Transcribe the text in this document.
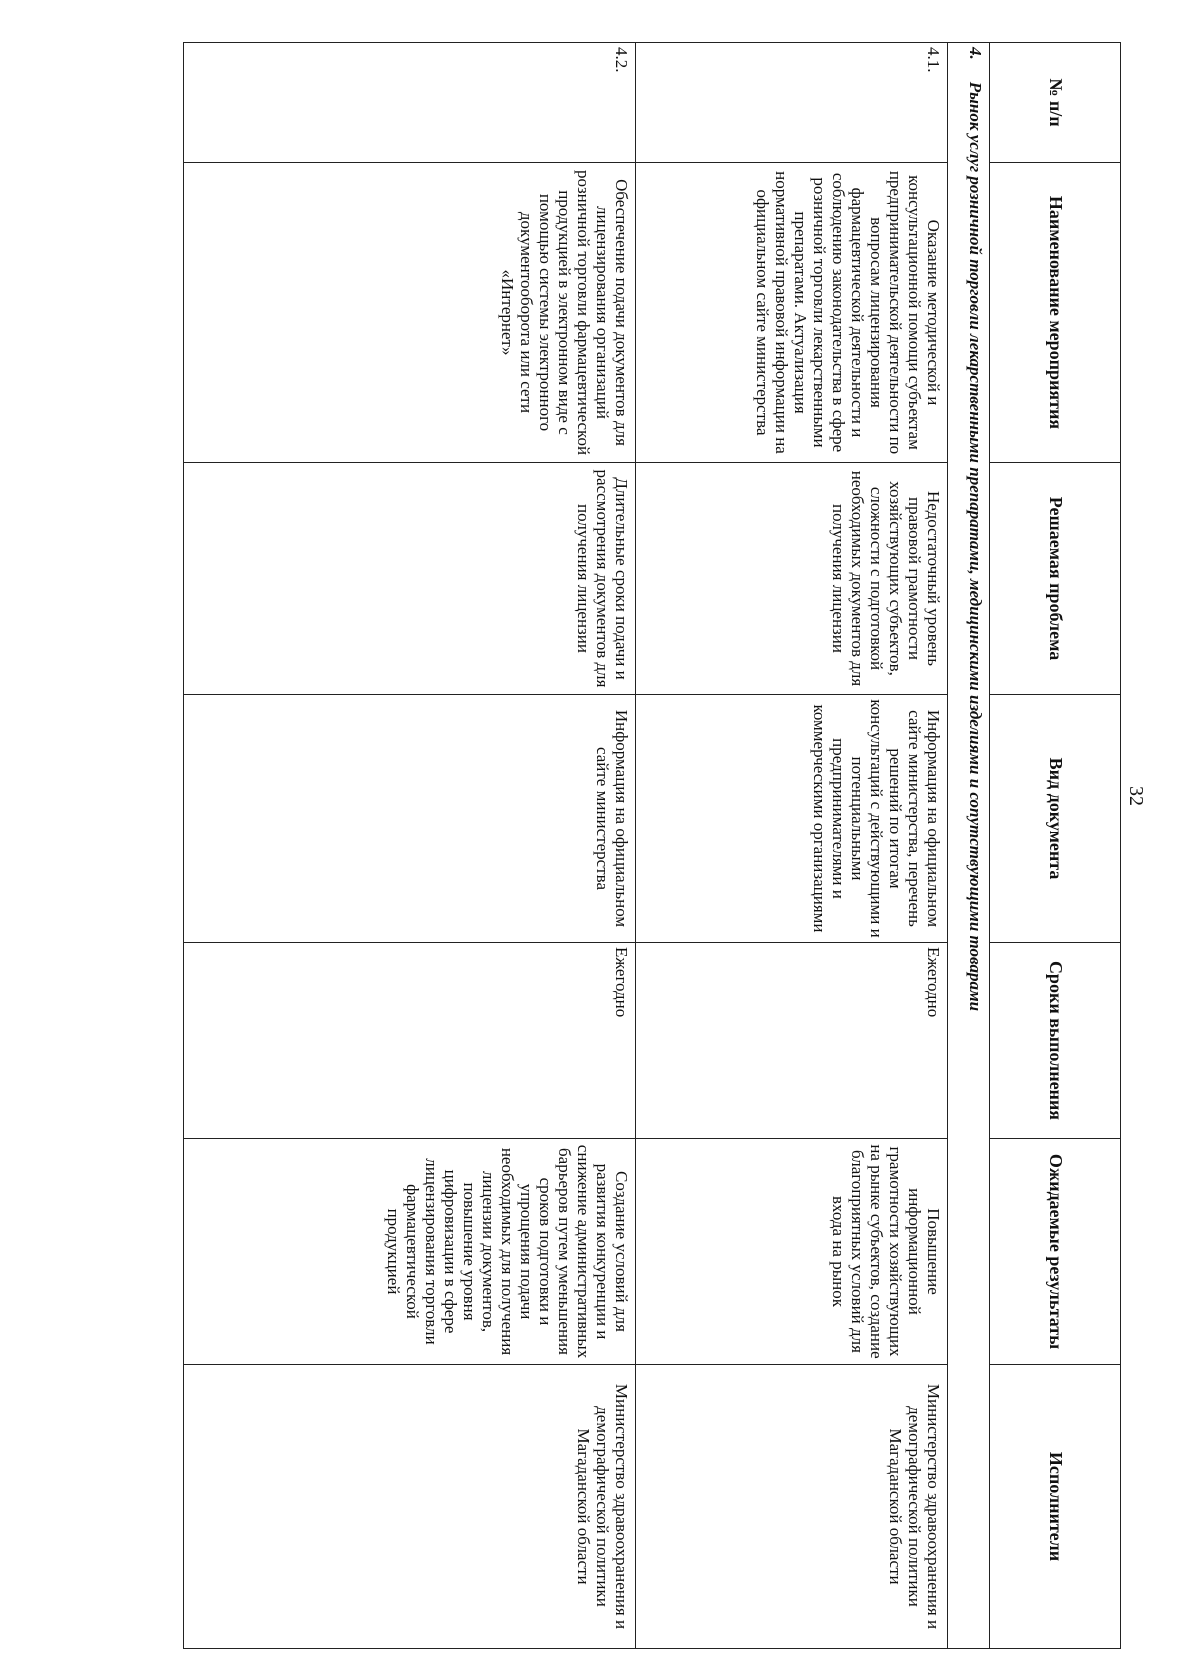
32
№ п/п	Наименование мероприятия	Решаемая проблема	Вид документа	Сроки выполнения	Ожидаемые результаты	Исполнители
4.Рынок услуг розничной торговли лекарственными препаратами, медицинскими изделиями и сопутствующими товарами						
4.1.	Оказание методической и консультационной помощи субъектам предпринимательской деятельности по вопросам лицензирования фармацевтической деятельности и соблюдению законодательства в сфере розничной торговли лекарственными препаратами. Актуализация нормативной правовой информации на официальном сайте министерства	Недостаточный уровень правовой грамотности хозяйствующих субъектов, сложности с подготовкой необходимых документов для получения лицензии	Информация на официальном сайте министерства, перечень решений по итогам консультаций с действующими и потенциальными предпринимателями и коммерческими организациями	Ежегодно	Повышение информационной грамотности хозяйствующих на рынке субъектов, создание благоприятных условий для входа на рынок	Министерство здравоохранения и демографической политики Магаданской области
4.2.	Обеспечение подачи документов для лицензирования организаций розничной торговли фармацевтической продукцией в электронном виде с помощью системы электронного документооборота или сети «Интернет»	Длительные сроки подачи и рассмотрения документов для получения лицензии	Информация на официальном сайте министерства	Ежегодно	Создание условий для развития конкуренции и снижение административных барьеров путем уменьшения сроков подготовки и упрощения подачи необходимых для получения лицензии документов, повышение уровня цифровизации в сфере лицензирования торговли фармацевтической продукцией	Министерство здравоохранения и демографической политики Магаданской области
